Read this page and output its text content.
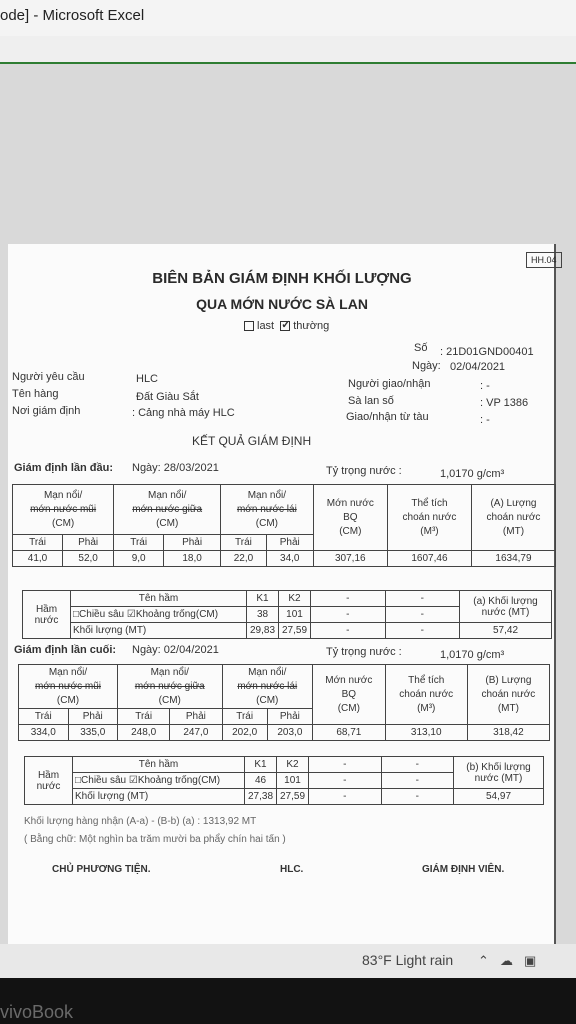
ode] - Microsoft Excel
HH.04
BIÊN BẢN GIÁM ĐỊNH KHỐI LƯỢNG
QUA MỚN NƯỚC SÀ LAN
last ✓ thường
Số : 21D01GND00401
Ngày: 02/04/2021
Người yêu cầu	HLC
Tên hàng	Đất Giàu Sắt
Nơi giám định	: Cảng nhà máy HLC
Người giao/nhận	: -
Sà lan số	: VP 1386
Giao/nhận từ tàu	: -
KẾT QUẢ GIÁM ĐỊNH
Giám định lần đầu: Ngày: 28/03/2021	Tỷ trọng nước :	1,0170 g/cm³
Mạn nổi/
mớn nước mũi
(CM)		Mạn nổi/
mớn nước giữa
(CM)		Mạn nổi/
mớn nước lái
(CM)		Mớn nước
BQ
(CM)	Thể tích
choán nước
(M³)	(A) Lượng
choán nước
(MT)
Trái	Phải	Trái	Phải	Trái	Phải			
41,0	52,0	9,0	18,0	22,0	34,0	307,16	1607,46	1634,79
Hầm
nước	Tên hầm	K1	K2	-	-	(a) Khối lượng
nước (MT)
	□Chiều sâu ☑Khoảng trống(CM)	38	101	-	-	
	Khối lượng (MT)	29,83	27,59	-	-	57,42
Giám định lần cuối: Ngày: 02/04/2021	Tỷ trọng nước :	1,0170 g/cm³
Mạn nổi/
mớn nước mũi
(CM)		Mạn nổi/
mớn nước giữa
(CM)		Mạn nổi/
mớn nước lái
(CM)		Mớn nước
BQ
(CM)	Thể tích
choán nước
(M³)	(B) Lượng
choán nước
(MT)
Trái	Phải	Trái	Phải	Trái	Phải			
334,0	335,0	248,0	247,0	202,0	203,0	68,71	313,10	318,42
Hầm
nước	Tên hầm	K1	K2	-	-	(b) Khối lượng
nước (MT)
	□Chiều sâu ☑Khoảng trống(CM)	46	101	-	-	
	Khối lượng (MT)	27,38	27,59	-	-	54,97
Khối lượng hàng nhận (A-a) - (B-b) (a) : 1313,92 MT
( Bằng chữ: Một nghìn ba trăm mười ba phẩy chín hai tấn )
CHỦ PHƯƠNG TIỆN.	HLC.	GIÁM ĐỊNH VIÊN.
83°F Light rain ⌃ ☁ ▣
vivoBook
